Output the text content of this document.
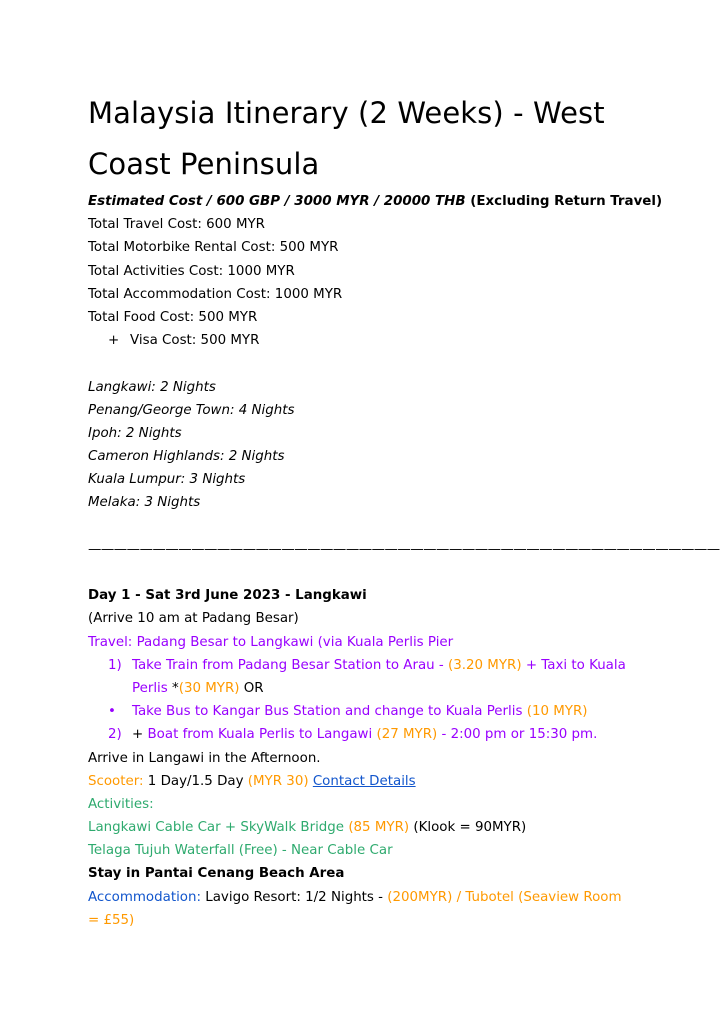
Malaysia Itinerary (2 Weeks) - West Coast Peninsula
Estimated Cost / 600 GBP / 3000 MYR / 20000 THB (Excluding Return Travel)
Total Travel Cost: 600 MYR
Total Motorbike Rental Cost: 500 MYR
Total Activities Cost: 1000 MYR
Total Accommodation Cost: 1000 MYR
Total Food Cost: 500 MYR
+ Visa Cost: 500 MYR
Langkawi: 2 Nights
Penang/George Town: 4 Nights
Ipoh: 2 Nights
Cameron Highlands: 2 Nights
Kuala Lumpur: 3 Nights
Melaka: 3 Nights
—————————————————————————————————————————————————
Day 1 - Sat 3rd June 2023 - Langkawi
(Arrive 10 am at Padang Besar)
Travel: Padang Besar to Langkawi (via Kuala Perlis Pier
1) Take Train from Padang Besar Station to Arau - (3.20 MYR) + Taxi to Kuala
Perlis *(30 MYR) OR
• Take Bus to Kangar Bus Station and change to Kuala Perlis (10 MYR)
2) + Boat from Kuala Perlis to Langawi (27 MYR) - 2:00 pm or 15:30 pm.
Arrive in Langawi in the Afternoon.
Scooter: 1 Day/1.5 Day (MYR 30) Contact Details
Activities:
Langkawi Cable Car + SkyWalk Bridge (85 MYR) (Klook = 90MYR)
Telaga Tujuh Waterfall (Free) - Near Cable Car
Stay in Pantai Cenang Beach Area
Accommodation: Lavigo Resort: 1/2 Nights - (200MYR) / Tubotel (Seaview Room
= £55)
